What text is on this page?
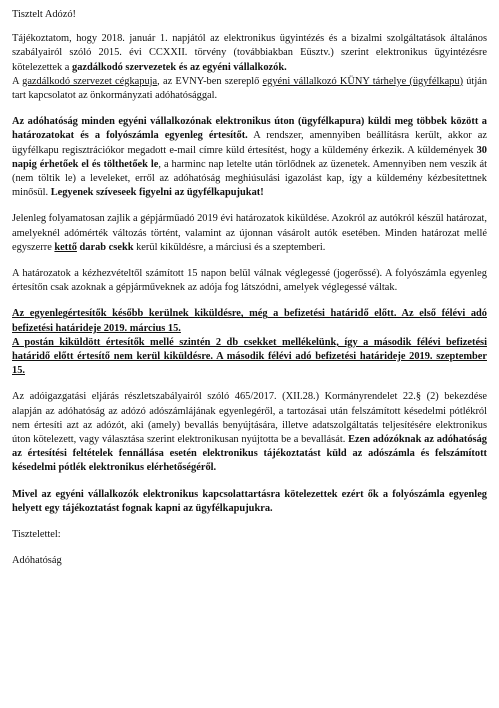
Tisztelt Adózó!

Tájékoztatom, hogy 2018. január 1. napjától az elektronikus ügyintézés és a bizalmi szolgáltatások általános szabályairól szóló 2015. évi CCXXII. törvény (továbbiakban Eüsztv.) szerint elektronikus ügyintézésre kötelezettek a gazdálkodó szervezetek és az egyéni vállalkozók.
A gazdálkodó szervezet cégkapuja, az EVNY-ben szereplő egyéni vállalkozó KÜNY tárhelye (ügyfélkapu) útján tart kapcsolatot az önkormányzati adóhatósággal.

Az adóhatóság minden egyéni vállalkozónak elektronikus úton (ügyfélkapura) küldi meg többek között a határozatokat és a folyószámla egyenleg értesítőt. A rendszer, amennyiben beállításra került, akkor az ügyfélkapu regisztrációkor megadott e-mail címre küld értesítést, hogy a küldemény érkezik. A küldemények 30 napig érhetőek el és tölthetőek le, a harminc nap letelte után törlődnek az üzenetek. Amennyiben nem veszik át (nem töltik le) a leveleket, erről az adóhatóság meghiúsulási igazolást kap, így a küldemény kézbesítettnek minősül. Legyenek szíveseek figyelni az ügyfélkapujukat!

Jelenleg folyamatosan zajlik a gépjárműadó 2019 évi határozatok kiküldése. Azokról az autókról készül határozat, amelyeknél adómérték változás történt, valamint az újonnan vásárolt autók esetében. Minden határozat mellé egyszerre kettő darab csekk kerül kiküldésre, a márciusi és a szeptemberi.

A határozatok a kézhezvételtől számított 15 napon belül válnak véglegessé (jogerőssé). A folyószámla egyenleg értesítőn csak azoknak a gépjárműveknek az adója fog látszódni, amelyek véglegessé váltak.

Az egyenlegértesítők később kerülnek kiküldésre, még a befizetési határidő előtt. Az első félévi adó befizetési határideje 2019. március 15.
A postán kiküldött értesítők mellé szintén 2 db csekket mellékelünk, így a második félévi befizetési határidő előtt értesítő nem kerül kiküldésre. A második félévi adó befizetési határideje 2019. szeptember 15.

Az adóigazgatási eljárás részletszabályairól szóló 465/2017. (XII.28.) Kormányrendelet 22.§ (2) bekezdése alapján az adóhatóság az adózó adószámlájának egyenlegéről, a tartozásai után felszámított késedelmi pótlékról nem értesíti azt az adózót, aki (amely) bevallás benyújtására, illetve adatszolgáltatás teljesítésére elektronikus úton kötelezett, vagy választása szerint elektronikusan nyújtotta be a bevallását. Ezen adózóknak az adóhatóság az értesítési feltételek fennállása esetén elektronikus tájékoztatást küld az adószámla és felszámított késedelmi pótlék elektronikus elérhetőségéről.

Mivel az egyéni vállalkozók elektronikus kapcsolattartásra kötelezettek ezért ők a folyószámla egyenleg helyett egy tájékoztatást fognak kapni az ügyfélkapujukra.

Tisztelettel:

Adóhatóság
